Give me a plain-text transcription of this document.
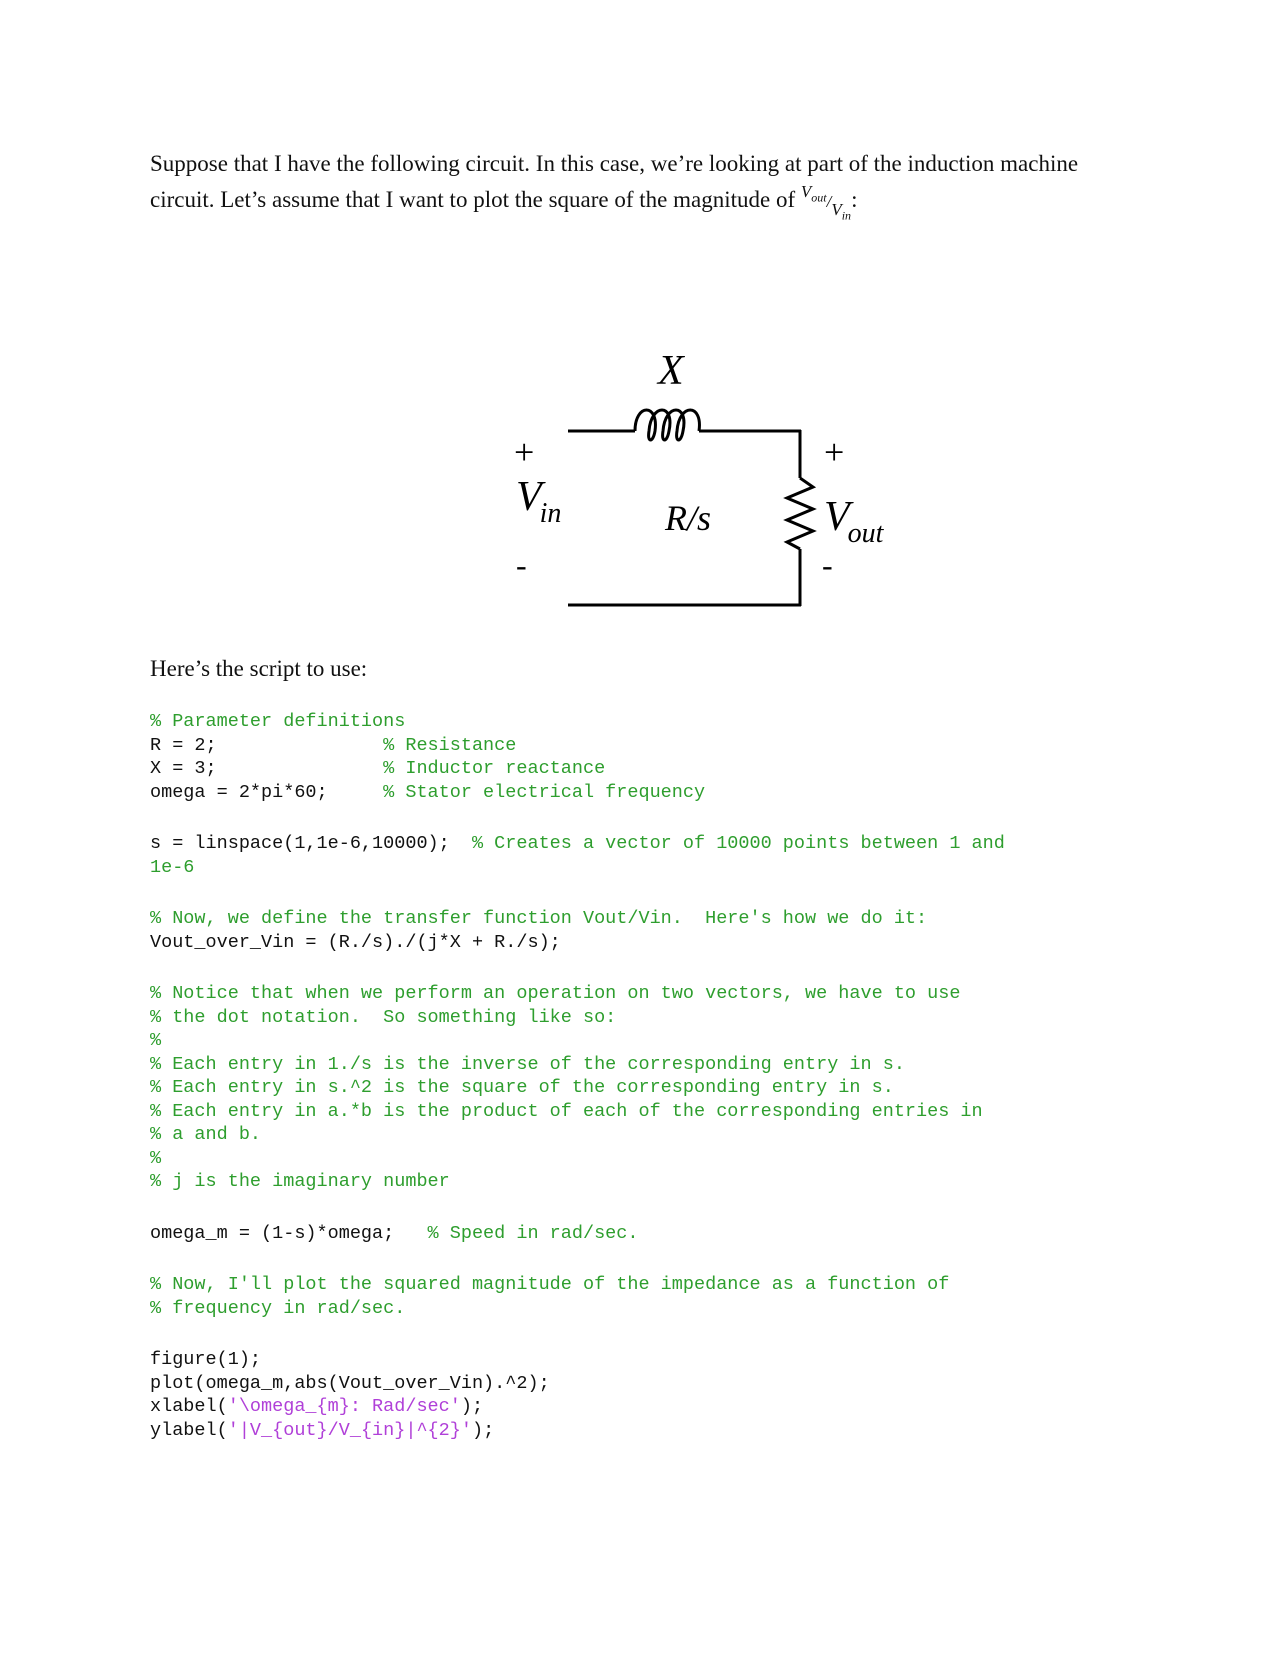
Suppose that I have the following circuit. In this case, we’re looking at part of the induction machine
circuit. Let’s assume that I want to plot the square of the magnitude of $V_{out}/V_{in}$:

X
+	+
Vin	R/s	Vout
-	-

Here’s the script to use:

% Parameter definitions
R = 2;               % Resistance
X = 3;               % Inductor reactance
omega = 2*pi*60;     % Stator electrical frequency
s = linspace(1,1e-6,10000);  % Creates a vector of 10000 points between 1 and
1e-6
% Now, we define the transfer function Vout/Vin.  Here's how we do it:
Vout_over_Vin = (R./s)./(j*X + R./s);
% Notice that when we perform an operation on two vectors, we have to use
% the dot notation.  So something like so:
%
% Each entry in 1./s is the inverse of the corresponding entry in s.
% Each entry in s.^2 is the square of the corresponding entry in s.
% Each entry in a.*b is the product of each of the corresponding entries in
% a and b.
%
% j is the imaginary number
omega_m = (1-s)*omega;   % Speed in rad/sec.
% Now, I'll plot the squared magnitude of the impedance as a function of
% frequency in rad/sec.
figure(1);
plot(omega_m,abs(Vout_over_Vin).^2);
xlabel('\omega_{m}: Rad/sec');
ylabel('|V_{out}/V_{in}|^{2}');
